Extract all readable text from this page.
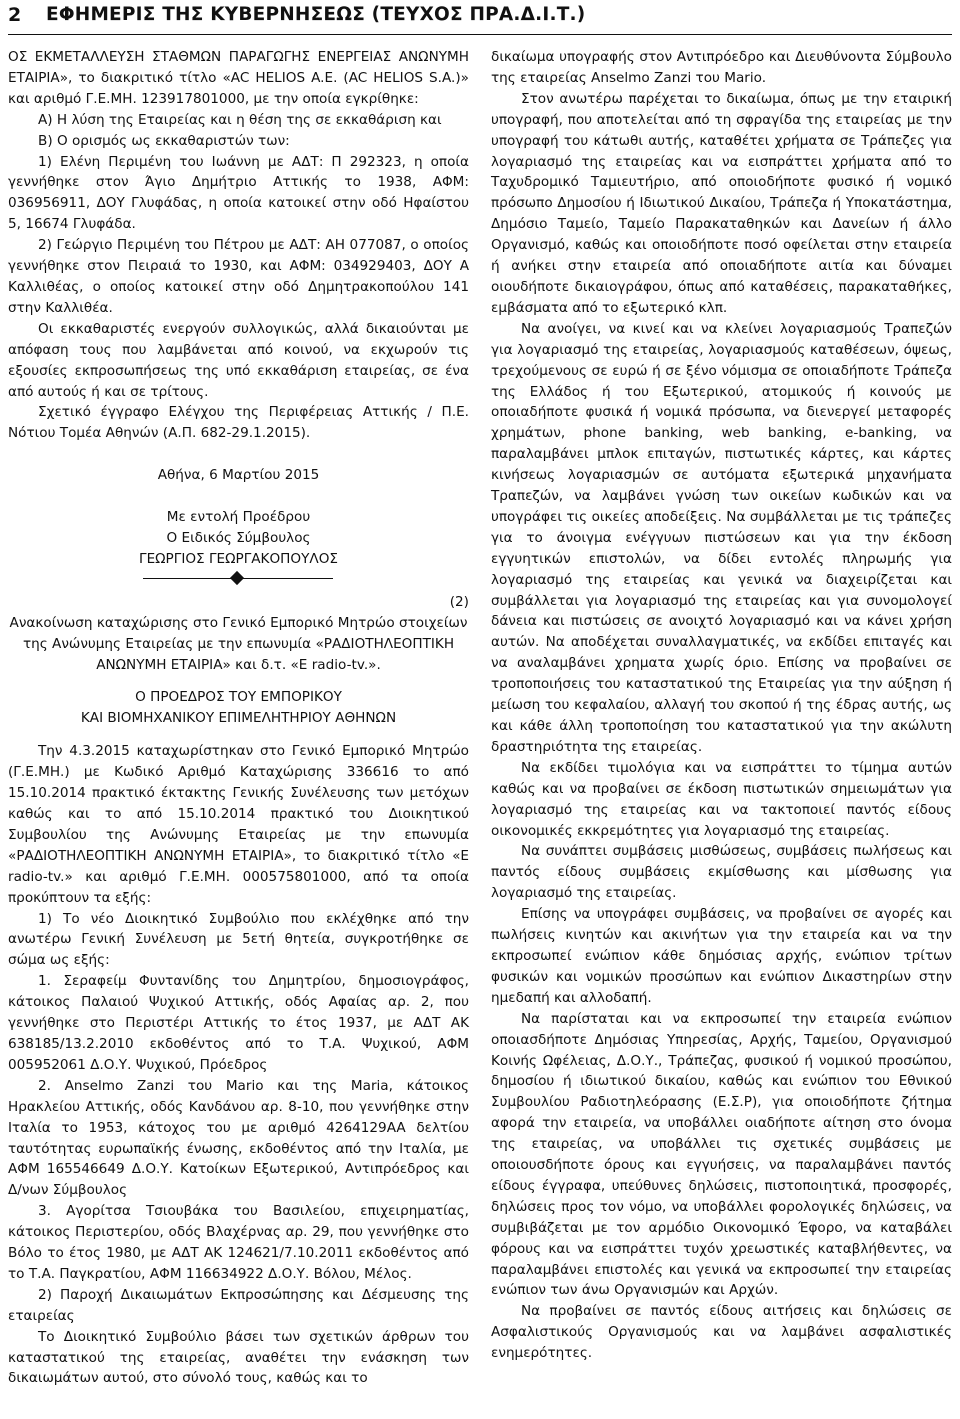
2 ΕΦΗΜΕΡΙΣ ΤΗΣ ΚΥΒΕΡΝΗΣΕΩΣ (ΤΕΥΧΟΣ ΠΡΑ.Δ.Ι.Τ.)

ΟΣ ΕΚΜΕΤΑΛΛΕΥΣΗ ΣΤΑΘΜΩΝ ΠΑΡΑΓΩΓΗΣ ΕΝΕΡΓΕΙΑΣ ΑΝΩΝΥΜΗ ΕΤΑΙΡΙΑ», το διακριτικό τίτλο «AC HELIOS A.E. (AC HELIOS S.A.)» και αριθμό Γ.Ε.ΜΗ. 123917801000, με την οποία εγκρίθηκε:

Α) Η λύση της Εταιρείας και η θέση της σε εκκαθάριση και

Β) Ο ορισμός ως εκκαθαριστών των:

1) Ελένη Περιμένη του Ιωάννη με ΑΔΤ: Π 292323, η οποία γεννήθηκε στον Άγιο Δημήτριο Αττικής το 1938, ΑΦΜ: 036956911, ΔΟΥ Γλυφάδας, η οποία κατοικεί στην οδό Ηφαίστου 5, 16674 Γλυφάδα.

2) Γεώργιο Περιμένη του Πέτρου με ΑΔΤ: ΑΗ 077087, ο οποίος γεννήθηκε στον Πειραιά το 1930, και ΑΦΜ: 034929403, ΔΟΥ Α Καλλιθέας, ο οποίος κατοικεί στην οδό Δημητρακοπούλου 141 στην Καλλιθέα.

Οι εκκαθαριστές ενεργούν συλλογικώς, αλλά δικαιούνται με απόφαση τους που λαμβάνεται από κοινού, να εκχωρούν τις εξουσίες εκπροσωπήσεως της υπό εκκαθάριση εταιρείας, σε ένα από αυτούς ή και σε τρίτους.

Σχετικό έγγραφο Ελέγχου της Περιφέρειας Αττικής / Π.Ε. Νότιου Τομέα Αθηνών (Α.Π. 682-29.1.2015).

Αθήνα, 6 Μαρτίου 2015

Με εντολή Προέδρου

Ο Ειδικός Σύμβουλος

ΓΕΩΡΓΙΟΣ ΓΕΩΡΓΑΚΟΠΟΥΛΟΣ

(2)

Ανακοίνωση καταχώρισης στο Γενικό Εμπορικό Μητρώο στοιχείων της Ανώνυμης Εταιρείας με την επωνυμία «ΡΑΔΙΟΤΗΛΕΟΠΤΙΚΗ ΑΝΩΝΥΜΗ ΕΤΑΙΡΙΑ» και δ.τ. «E radio-tv.».

Ο ΠΡΟΕΔΡΟΣ ΤΟΥ ΕΜΠΟΡΙΚΟΥ

ΚΑΙ ΒΙΟΜΗΧΑΝΙΚΟΥ ΕΠΙΜΕΛΗΤΗΡΙΟΥ ΑΘΗΝΩΝ

Την 4.3.2015 καταχωρίστηκαν στο Γενικό Εμπορικό Μητρώο (Γ.Ε.ΜΗ.) με Κωδικό Αριθμό Καταχώρισης 336616 το από 15.10.2014 πρακτικό έκτακτης Γενικής Συνέλευσης των μετόχων καθώς και το από 15.10.2014 πρακτικό του Διοικητικού Συμβουλίου της Ανώνυμης Εταιρείας με την επωνυμία «ΡΑΔΙΟΤΗΛΕΟΠΤΙΚΗ ΑΝΩΝΥΜΗ ΕΤΑΙΡΙΑ», το διακριτικό τίτλο «E radio-tv.» και αριθμό Γ.Ε.ΜΗ. 000575801000, από τα οποία προκύπτουν τα εξής:

1) Το νέο Διοικητικό Συμβούλιο που εκλέχθηκε από την ανωτέρω Γενική Συνέλευση με 5ετή θητεία, συγκροτήθηκε σε σώμα ως εξής:

1. Σεραφείμ Φυντανίδης του Δημητρίου, δημοσιογράφος, κάτοικος Παλαιού Ψυχικού Αττικής, οδός Αφαίας αρ. 2, που γεννήθηκε στο Περιστέρι Αττικής το έτος 1937, με ΑΔΤ ΑΚ 638185/13.2.2010 εκδοθέντος από το Τ.Α. Ψυχικού, ΑΦΜ 005952061 Δ.Ο.Υ. Ψυχικού, Πρόεδρος

2. Anselmo Zanzi του Mario και της Maria, κάτοικος Ηρακλείου Αττικής, οδός Κανδάνου αρ. 8-10, που γεννήθηκε στην Ιταλία το 1953, κάτοχος του με αριθμό 4264129AA δελτίου ταυτότητας ευρωπαϊκής ένωσης, εκδοθέντος από την Ιταλία, με ΑΦΜ 165546649 Δ.Ο.Υ. Κατοίκων Εξωτερικού, Αντιπρόεδρος και Δ/νων Σύμβουλος

3. Αγορίτσα Τσιουβάκα του Βασιλείου, επιχειρηματίας, κάτοικος Περιστερίου, οδός Βλαχέρνας αρ. 29, που γεννήθηκε στο Βόλο το έτος 1980, με ΑΔΤ ΑΚ 124621/7.10.2011 εκδοθέντος από το Τ.Α. Παγκρατίου, ΑΦΜ 116634922 Δ.Ο.Υ. Βόλου, Μέλος.

2) Παροχή Δικαιωμάτων Εκπροσώπησης και Δέσμευσης της εταιρείας

Το Διοικητικό Συμβούλιο βάσει των σχετικών άρθρων του καταστατικού της εταιρείας, αναθέτει την ενάσκηση των δικαιωμάτων αυτού, στο σύνολό τους, καθώς και το

δικαίωμα υπογραφής στον Αντιπρόεδρο και Διευθύνοντα Σύμβουλο της εταιρείας Anselmo Zanzi του Mario.

Στον ανωτέρω παρέχεται το δικαίωμα, όπως με την εταιρική υπογραφή, που αποτελείται από τη σφραγίδα της εταιρείας με την υπογραφή του κάτωθι αυτής, καταθέτει χρήματα σε Τράπεζες για λογαριασμό της εταιρείας και να εισπράττει χρήματα από το Ταχυδρομικό Ταμιευτήριο, από οποιοδήποτε φυσικό ή νομικό πρόσωπο Δημοσίου ή Ιδιωτικού Δικαίου, Τράπεζα ή Υποκατάστημα, Δημόσιο Ταμείο, Ταμείο Παρακαταθηκών και Δανείων ή άλλο Οργανισμό, καθώς και οποιοδήποτε ποσό οφείλεται στην εταιρεία ή ανήκει στην εταιρεία από οποιαδήποτε αιτία και δύναμει οιουδήποτε δικαιογράφου, όπως από καταθέσεις, παρακαταθήκες, εμβάσματα από το εξωτερικό κλπ.

Να ανοίγει, να κινεί και να κλείνει λογαριασμούς Τραπεζών για λογαριασμό της εταιρείας, λογαριασμούς καταθέσεων, όψεως, τρεχούμενους σε ευρώ ή σε ξένο νόμισμα σε οποιαδήποτε Τράπεζα της Ελλάδος ή του Εξωτερικού, ατομικούς ή κοινούς με οποιαδήποτε φυσικά ή νομικά πρόσωπα, να διενεργεί μεταφορές χρημάτων, phone banking, web banking, e-banking, να παραλαμβάνει μπλοκ επιταγών, πιστωτικές κάρτες, και κάρτες κινήσεως λογαριασμών σε αυτόματα εξωτερικά μηχανήματα Τραπεζών, να λαμβάνει γνώση των οικείων κωδικών και να υπογράφει τις οικείες αποδείξεις. Να συμβάλλεται με τις τράπεζες για το άνοιγμα ενέγγυων πιστώσεων και για την έκδοση εγγυητικών επιστολών, να δίδει εντολές πληρωμής για λογαριασμό της εταιρείας και γενικά να διαχειρίζεται και συμβάλλεται για λογαριασμό της εταιρείας και για συνομολογεί δάνεια και πιστώσεις σε ανοιχτό λογαριασμό και να κάνει χρήση αυτών. Να αποδέχεται συναλλαγματικές, να εκδίδει επιταγές και να αναλαμβάνει χρηματα χωρίς όριο. Επίσης να προβαίνει σε τροποποιήσεις του καταστατικού της Εταιρείας για την αύξηση ή μείωση του κεφαλαίου, αλλαγή του σκοπού ή της έδρας αυτής, ως και κάθε άλλη τροποποίηση του καταστατικού για την ακώλυτη δραστηριότητα της εταιρείας.

Να εκδίδει τιμολόγια και να εισπράττει το τίμημα αυτών καθώς και να προβαίνει σε έκδοση πιστωτικών σημειωμάτων για λογαριασμό της εταιρείας και να τακτοποιεί παντός είδους οικονομικές εκκρεμότητες για λογαριασμό της εταιρείας.

Να συνάπτει συμβάσεις μισθώσεως, συμβάσεις πωλήσεως και παντός είδους συμβάσεις εκμίσθωσης και μίσθωσης για λογαριασμό της εταιρείας.

Επίσης να υπογράφει συμβάσεις, να προβαίνει σε αγορές και πωλήσεις κινητών και ακινήτων για την εταιρεία και να την εκπροσωπεί ενώπιον κάθε δημόσιας αρχής, ενώπιον τρίτων φυσικών και νομικών προσώπων και ενώπιον Δικαστηρίων στην ημεδαπή και αλλοδαπή.

Να παρίσταται και να εκπροσωπεί την εταιρεία ενώπιον οποιασδήποτε Δημόσιας Υπηρεσίας, Αρχής, Ταμείου, Οργανισμού Κοινής Ωφέλειας, Δ.Ο.Υ., Τράπεζας, φυσικού ή νομικού προσώπου, δημοσίου ή ιδιωτικού δικαίου, καθώς και ενώπιον του Εθνικού Συμβουλίου Ραδιοτηλεόρασης (Ε.Σ.Ρ), για οποιοδήποτε ζήτημα αφορά την εταιρεία, να υποβάλλει οιαδήποτε αίτηση στο όνομα της εταιρείας, να υποβάλλει τις σχετικές συμβάσεις με οποιουσδήποτε όρους και εγγυήσεις, να παραλαμβάνει παντός είδους έγγραφα, υπεύθυνες δηλώσεις, πιστοποιητικά, προσφορές, δηλώσεις προς τον νόμο, να υποβάλλει φορολογικές δηλώσεις, να συμβιβάζεται με τον αρμόδιο Οικονομικό Έφορο, να καταβάλει φόρους και να εισπράττει τυχόν χρεωστικές καταβλήθεντες, να παραλαμβάνει επιστολές και γενικά να εκπροσωπεί την εταιρείας ενώπιον των άνω Οργανισμών και Αρχών.

Να προβαίνει σε παντός είδους αιτήσεις και δηλώσεις σε Ασφαλιστικούς Οργανισμούς και να λαμβάνει ασφαλιστικές ενημερότητες.
